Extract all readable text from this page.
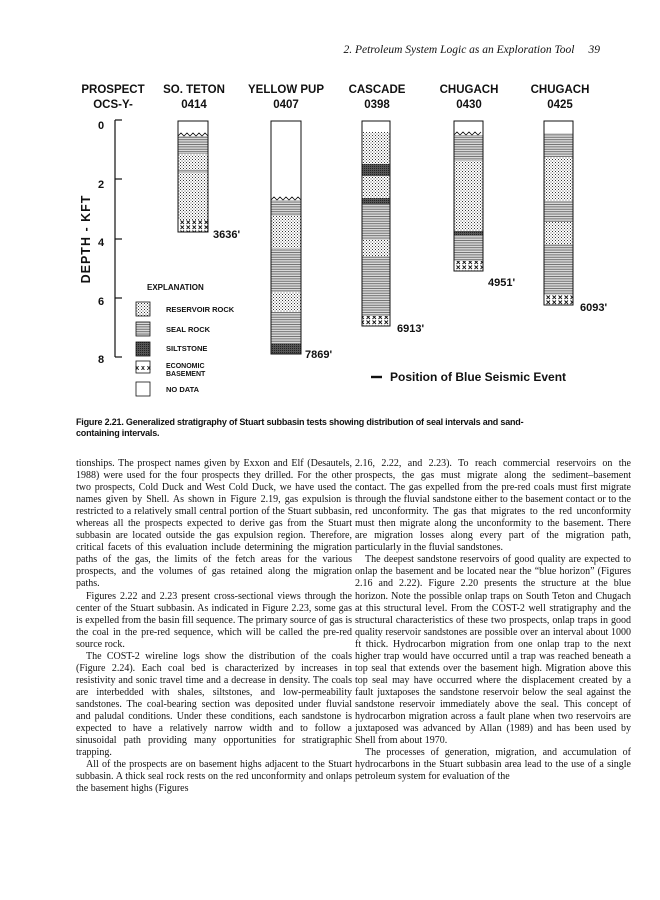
2. Petroleum System Logic as an Exploration Tool 39
PROSPECT
OCS-Y-
SO. TETON
0414
YELLOW PUP
0407
CASCADE
0398
CHUGACH
0430
CHUGACH
0425
0
2
4
6
8
DEPTH - KFT	3636'
7869'
6913'
4951'
6093'
EXPLANATION
RESERVOIR ROCK
SEAL ROCK
SILTSTONE
x x x ECONOMIC
BASEMENT
NO DATA
Position of Blue Seismic Event
Figure 2.21. Generalized stratigraphy of Stuart subbasin tests showing distribution of seal intervals and sand-containing intervals.

tionships. The prospect names given by Exxon and Elf (Desautels, 1988) were used for the four prospects they drilled. For the other two prospects, Cold Duck and West Cold Duck, we have used the names given by Shell. As shown in Figure 2.19, gas expulsion is restricted to a relatively small central portion of the Stuart subbasin, whereas all the prospects expected to derive gas from the Stuart subbasin are located outside the gas expulsion region. Therefore, critical facets of this evaluation include determining the migration paths of the gas, the limits of the fetch areas for the various prospects, and the volumes of gas retained along the migration paths.

Figures 2.22 and 2.23 present cross-sectional views through the center of the Stuart subbasin. As indicated in Figure 2.23, some gas is expelled from the basin fill sequence. The primary source of gas is the coal in the pre-red sequence, which will be called the pre-red source rock.

The COST-2 wireline logs show the distribution of the coals (Figure 2.24). Each coal bed is characterized by increases in resistivity and sonic travel time and a decrease in density. The coals are interbedded with shales, siltstones, and low-permeability sandstones. The coal-bearing section was deposited under fluvial and paludal conditions. Under these conditions, each sandstone is expected to have a relatively narrow width and to follow a sinusoidal path providing many opportunities for stratigraphic trapping.

All of the prospects are on basement highs adjacent to the Stuart subbasin. A thick seal rock rests on the red unconformity and onlaps the basement highs (Figures

2.16, 2.22, and 2.23). To reach commercial reservoirs on the prospects, the gas must migrate along the sediment–basement contact. The gas expelled from the pre-red coals must first migrate through the fluvial sandstone either to the basement contact or to the red unconformity. The gas that migrates to the red unconformity must then migrate along the unconformity to the basement. There are migration losses along every part of the migration path, particularly in the fluvial sandstones.

The deepest sandstone reservoirs of good quality are expected to onlap the basement and be located near the “blue horizon” (Figures 2.16 and 2.22). Figure 2.20 presents the structure at the blue horizon. Note the possible onlap traps on South Teton and Chugach at this structural level. From the COST-2 well stratigraphy and the structural characteristics of these two prospects, onlap traps in good quality reservoir sandstones are possible over an interval about 1000 ft thick. Hydrocarbon migration from one onlap trap to the next higher trap would have occurred until a trap was reached beneath a top seal that extends over the basement high. Migration above this top seal may have occurred where the displacement created by a fault juxtaposes the sandstone reservoir below the seal against the sandstone reservoir immediately above the seal. This concept of hydrocarbon migration across a fault plane when two reservoirs are juxtaposed was advanced by Allan (1989) and has been used by Shell from about 1970.

The processes of generation, migration, and accumulation of hydrocarbons in the Stuart subbasin area lead to the use of a single petroleum system for evaluation of the
